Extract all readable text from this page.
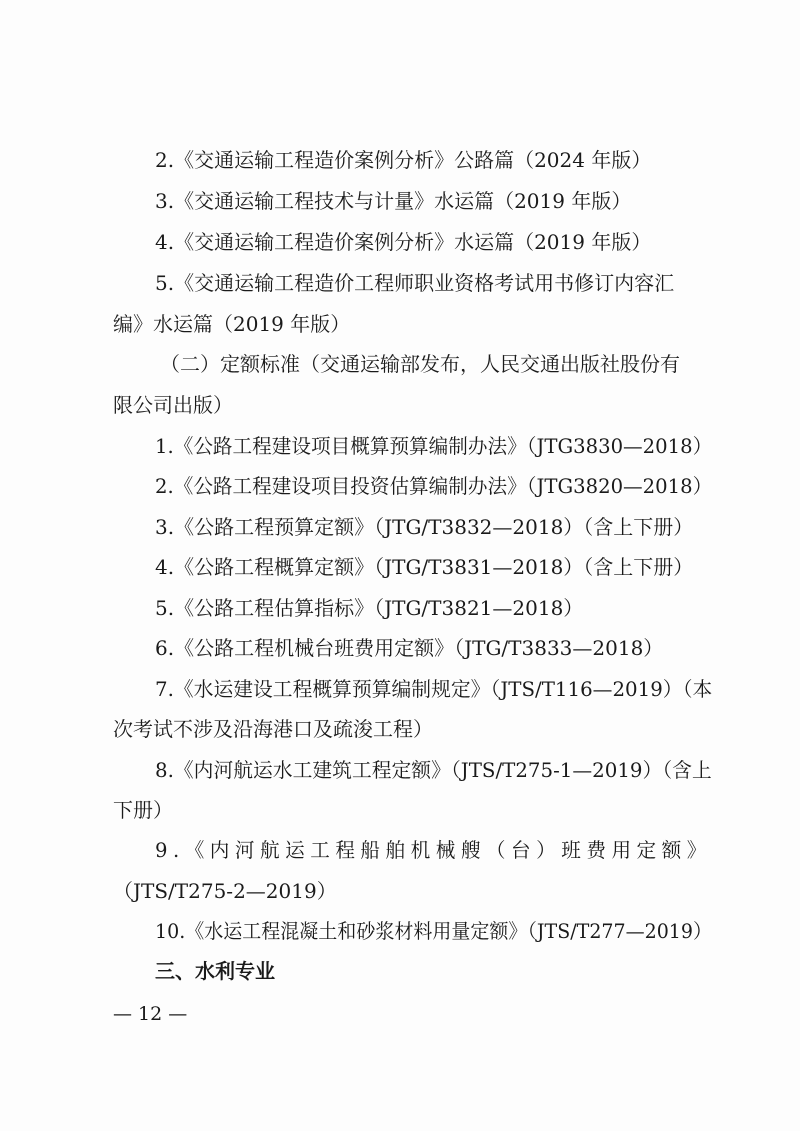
2.《交通运输工程造价案例分析》公路篇（2024 年版）
3.《交通运输工程技术与计量》水运篇（2019 年版）
4.《交通运输工程造价案例分析》水运篇（2019 年版）
5.《交通运输工程造价工程师职业资格考试用书修订内容汇
编》水运篇（2019 年版）
（二）定额标准（交通运输部发布，人民交通出版社股份有
限公司出版）
1.《公路工程建设项目概算预算编制办法》（JTG3830—2018）
2.《公路工程建设项目投资估算编制办法》（JTG3820—2018）
3.《公路工程预算定额》（JTG/T3832—2018）（含上下册）
4.《公路工程概算定额》（JTG/T3831—2018）（含上下册）
5.《公路工程估算指标》（JTG/T3821—2018）
6.《公路工程机械台班费用定额》（JTG/T3833—2018）
7.《水运建设工程概算预算编制规定》（JTS/T116—2019）（本
次考试不涉及沿海港口及疏浚工程）
8.《内河航运水工建筑工程定额》（JTS/T275-1—2019）（含上
下册）
9.《内河航运工程船舶机械艘（台）班费用定额》
（JTS/T275-2—2019）
10.《水运工程混凝土和砂浆材料用量定额》（JTS/T277—2019）
三、水利专业
— 12 —
